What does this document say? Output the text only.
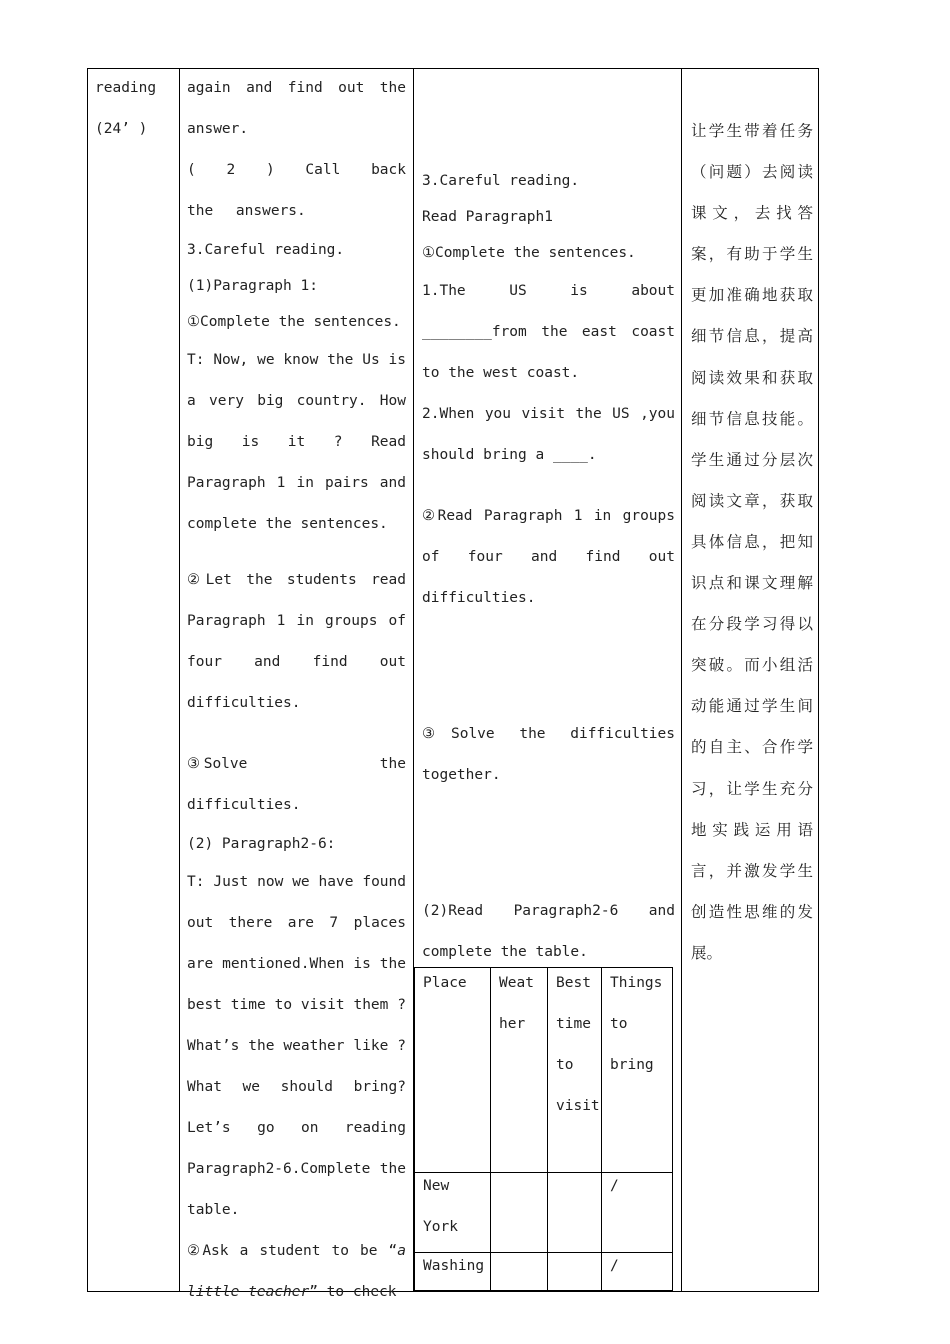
reading

(24’ )

again and find out the answer.

( 2 ) Call back the answers.

3.Careful reading.

(1)Paragraph 1:

①Complete the sentences.

T: Now, we know the Us is a very big country. How big is it ? Read Paragraph 1 in pairs and complete the sentences.

②Let the students read Paragraph 1 in groups of four and find out difficulties.

③Solve the difficulties.

(2) Paragraph2-6:

T: Just now we have found out there are 7 places are mentioned.When is the best time to visit them ? What’s the weather like ?What we should bring? Let’s go on reading Paragraph2-6.Complete the table.

②Ask a student to be “a little teacher” to check

3.Careful reading.

Read Paragraph1

①Complete the sentences.

1.The US is about ________from the east coast to the west coast.

2.When you visit the US ,you should bring a ____.

②Read Paragraph 1 in groups of four and find out difficulties.

③Solve the difficulties together.

(2)Read Paragraph2-6 and complete the table.

Place	Weat her
Best time to visit
Things to bring
New York
/
Washing	/

让学生带着任务（问题）去阅读课文，去找答案，有助于学生更加准确地获取细节信息，提高阅读效果和获取细节信息技能。学生通过分层次阅读文章，获取具体信息，把知识点和课文理解在分段学习得以突破。而小组活动能通过学生间的自主、合作学习，让学生充分地实践运用语言，并激发学生创造性思维的发展。
